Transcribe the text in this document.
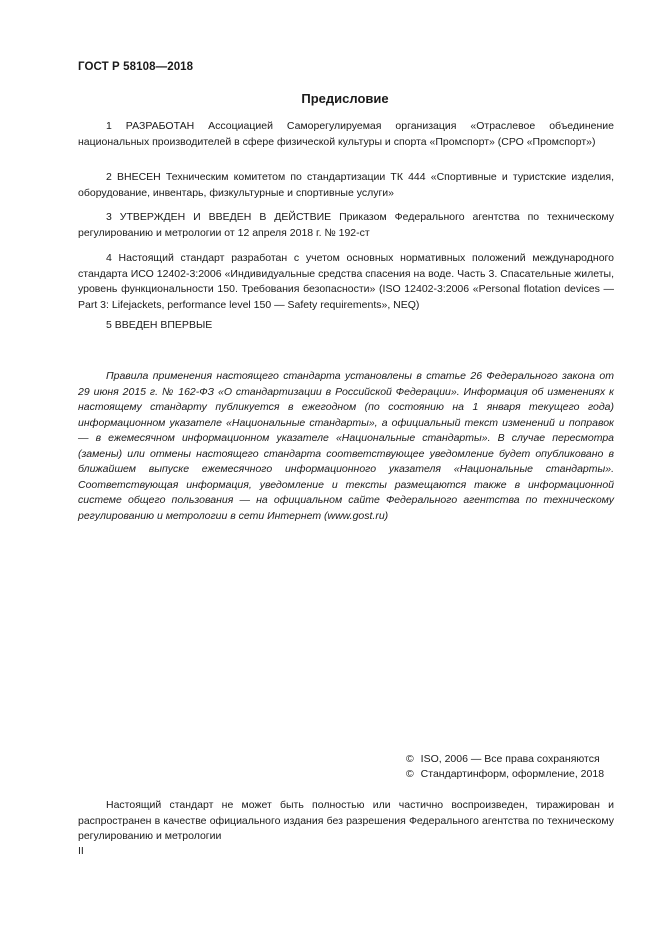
ГОСТ Р 58108—2018
Предисловие

1 РАЗРАБОТАН Ассоциацией Саморегулируемая организация «Отраслевое объединение национальных производителей в сфере физической культуры и спорта «Промспорт» (СРО «Промспорт»)

2 ВНЕСЕН Техническим комитетом по стандартизации ТК 444 «Спортивные и туристские изделия, оборудование, инвентарь, физкультурные и спортивные услуги»

3 УТВЕРЖДЕН И ВВЕДЕН В ДЕЙСТВИЕ Приказом Федерального агентства по техническому регулированию и метрологии от 12 апреля 2018 г. № 192-ст

4 Настоящий стандарт разработан с учетом основных нормативных положений международного стандарта ИСО 12402-3:2006 «Индивидуальные средства спасения на воде. Часть 3. Спасательные жилеты, уровень функциональности 150. Требования безопасности» (ISO 12402-3:2006 «Personal flotation devices — Part 3: Lifejackets, performance level 150 — Safety requirements», NEQ)

5 ВВЕДЕН ВПЕРВЫЕ

Правила применения настоящего стандарта установлены в статье 26 Федерального закона от 29 июня 2015 г. № 162-ФЗ «О стандартизации в Российской Федерации». Информация об изменениях к настоящему стандарту публикуется в ежегодном (по состоянию на 1 января текущего года) информационном указателе «Национальные стандарты», а официальный текст изменений и поправок — в ежемесячном информационном указателе «Национальные стандарты». В случае пересмотра (замены) или отмены настоящего стандарта соответствующее уведомление будет опубликовано в ближайшем выпуске ежемесячного информационного указателя «Национальные стандарты». Соответствующая информация, уведомление и тексты размещаются также в информационной системе общего пользования — на официальном сайте Федерального агентства по техническому регулированию и метрологии в сети Интернет (www.gost.ru)

© ISO, 2006 — Все права сохраняются
© Стандартинформ, оформление, 2018

Настоящий стандарт не может быть полностью или частично воспроизведен, тиражирован и распространен в качестве официального издания без разрешения Федерального агентства по техническому регулированию и метрологии

II
